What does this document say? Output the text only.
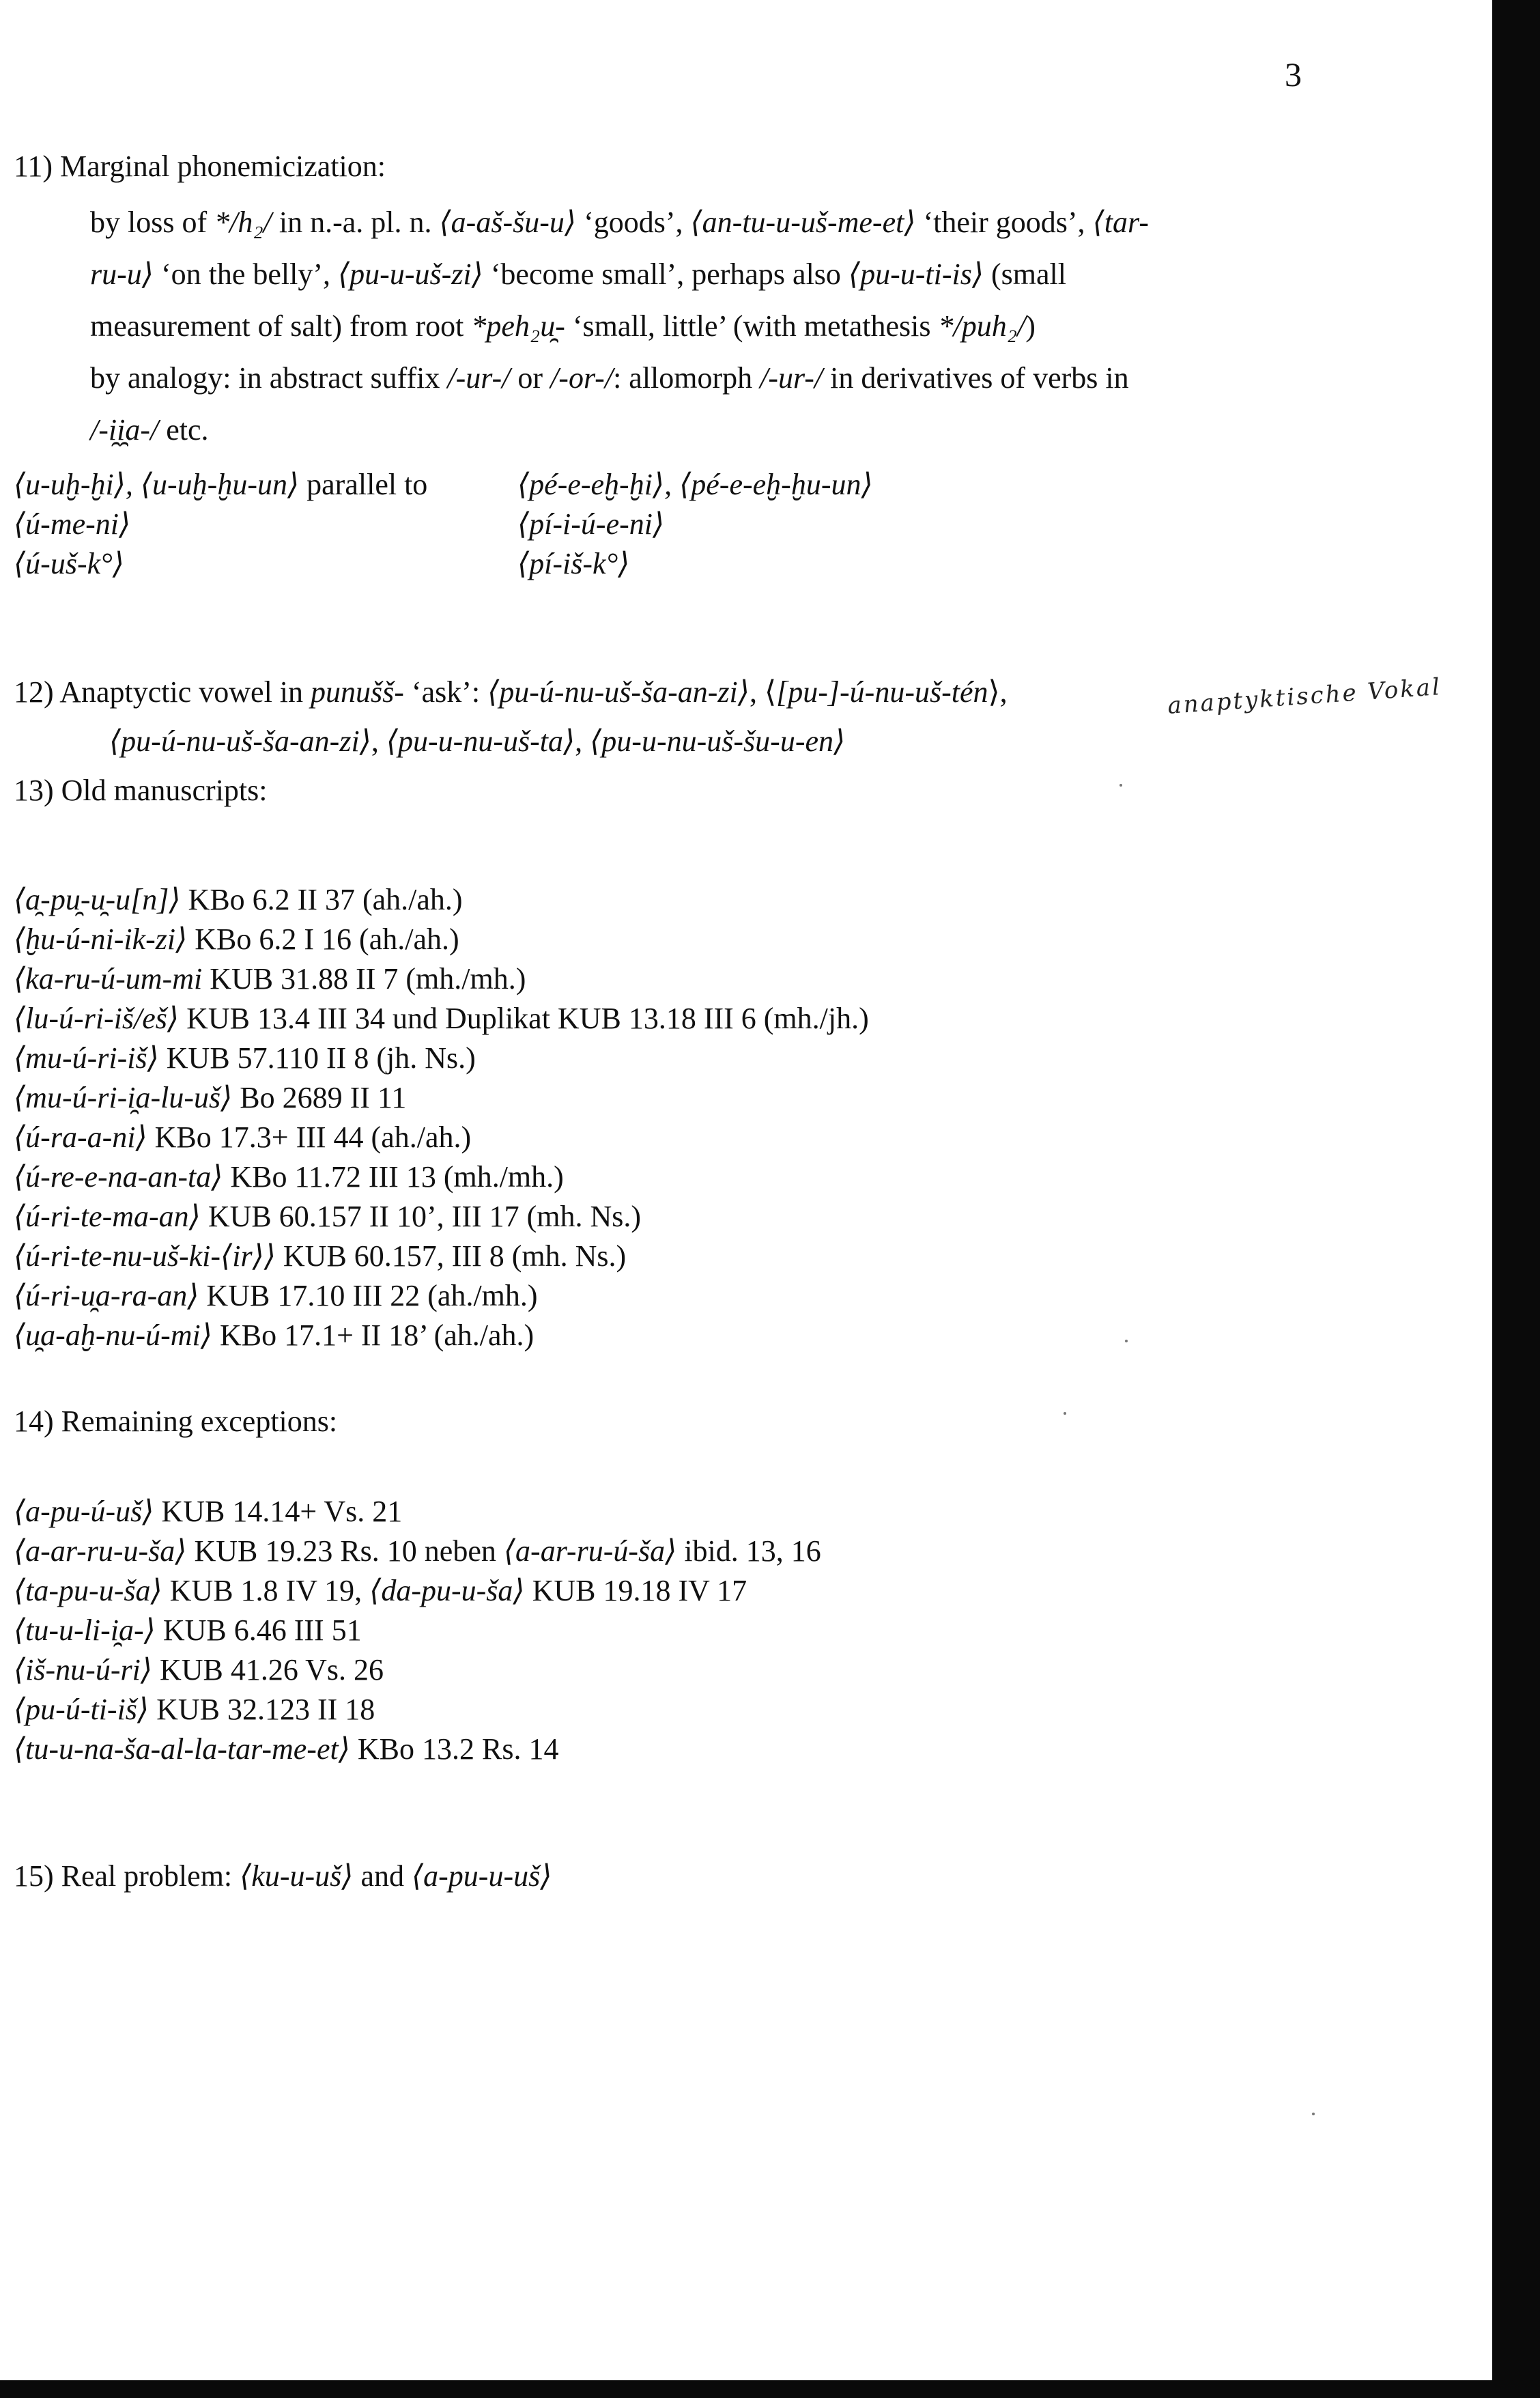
3
11) Marginal phonemicization:
by loss of */h₂/ in n.-a. pl. n. ⟨a-aš-šu-u⟩ ‘goods’, ⟨an-tu-u-uš-me-et⟩ ‘their goods’, ⟨tar-
ru-u⟩ ‘on the belly’, ⟨pu-u-uš-zi⟩ ‘become small’, perhaps also ⟨pu-u-ti-is⟩ (small
measurement of salt) from root *peh₂u̯- ‘small, little’ (with metathesis */puh₂/)
by analogy: in abstract suffix /-ur-/ or /-or-/: allomorph /-ur-/ in derivatives of verbs in
/-i̯i̯a-/ etc.
⟨u-uḫ-ḫi⟩, ⟨u-uḫ-ḫu-un⟩ parallel to	⟨pé-e-eḫ-ḫi⟩, ⟨pé-e-eḫ-ḫu-un⟩
⟨ú-me-ni⟩	⟨pí-i-ú-e-ni⟩
⟨ú-uš-k°⟩	⟨pí-iš-k°⟩
12) Anaptyctic vowel in punušš- ‘ask’: ⟨pu-ú-nu-uš-ša-an-zi⟩, ⟨[pu-]-ú-nu-uš-tén⟩,	anaptyktische Vokal
⟨pu-ú-nu-uš-ša-an-zi⟩, ⟨pu-u-nu-uš-ta⟩, ⟨pu-u-nu-uš-šu-u-en⟩
13) Old manuscripts:
⟨a̯-pu̯-u̯-u[n]⟩ KBo 6.2 II 37 (ah./ah.)
⟨ḫu-ú-ni-ik-zi⟩ KBo 6.2 I 16 (ah./ah.)
⟨ka-ru-ú-um-mi KUB 31.88 II 7 (mh./mh.)
⟨lu-ú-ri-iš/eš⟩ KUB 13.4 III 34 und Duplikat KUB 13.18 III 6 (mh./jh.)
⟨mu-ú-ri-iš⟩ KUB 57.110 II 8 (jh. Ns.)
⟨mu-ú-ri-i̯a-lu-uš⟩ Bo 2689 II 11
⟨ú-ra-a-ni⟩ KBo 17.3+ III 44 (ah./ah.)
⟨ú-re-e-na-an-ta⟩ KBo 11.72 III 13 (mh./mh.)
⟨ú-ri-te-ma-an⟩ KUB 60.157 II 10’, III 17 (mh. Ns.)
⟨ú-ri-te-nu-uš-ki-⟨ir⟩⟩ KUB 60.157, III 8 (mh. Ns.)
⟨ú-ri-u̯a-ra-an⟩ KUB 17.10 III 22 (ah./mh.)
⟨u̯a-aḫ-nu-ú-mi⟩ KBo 17.1+ II 18’ (ah./ah.)
14) Remaining exceptions:
⟨a-pu-ú-uš⟩ KUB 14.14+ Vs. 21
⟨a-ar-ru-u-ša⟩ KUB 19.23 Rs. 10 neben ⟨a-ar-ru-ú-ša⟩ ibid. 13, 16
⟨ta-pu-u-ša⟩ KUB 1.8 IV 19, ⟨da-pu-u-ša⟩ KUB 19.18 IV 17
⟨tu-u-li-i̯a-⟩ KUB 6.46 III 51
⟨iš-nu-ú-ri⟩ KUB 41.26 Vs. 26
⟨pu-ú-ti-iš⟩ KUB 32.123 II 18
⟨tu-u-na-ša-al-la-tar-me-et⟩ KBo 13.2 Rs. 14
15) Real problem: ⟨ku-u-uš⟩ and ⟨a-pu-u-uš⟩
